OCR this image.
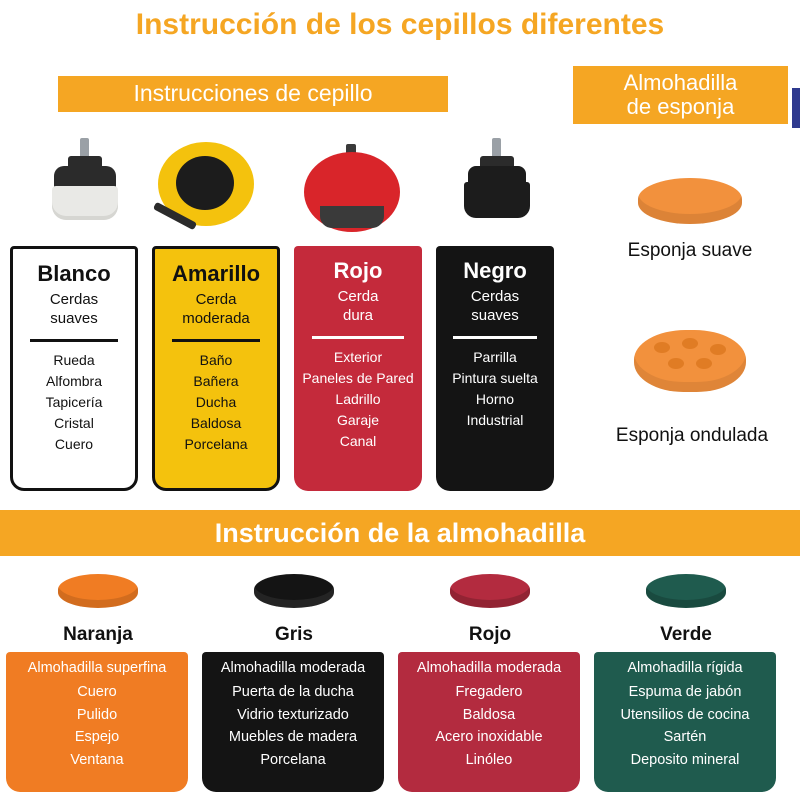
Instrucción de los cepillos diferentes
Instrucciones de cepillo	Almohadilla
de esponja
Blanco
Cerdas
suaves
Rueda
Alfombra
Tapicería
Cristal
Cuero
Amarillo
Cerda
moderada
Baño
Bañera
Ducha
Baldosa
Porcelana
Rojo
Cerda
dura
Exterior
Paneles de Pared
Ladrillo
Garaje
Canal
Negro
Cerdas
suaves
Parrilla
Pintura suelta
Horno
Industrial
Esponja suave
Esponja ondulada
Instrucción de la almohadilla
Naranja	Gris	Rojo	Verde
Almohadilla superfina
Cuero
Pulido
Espejo
Ventana
Almohadilla moderada
Puerta de la ducha
Vidrio texturizado
Muebles de madera
Porcelana
Almohadilla moderada
Fregadero
Baldosa
Acero inoxidable
Linóleo
Almohadilla rígida
Espuma de jabón
Utensilios de cocina
Sartén
Deposito mineral
